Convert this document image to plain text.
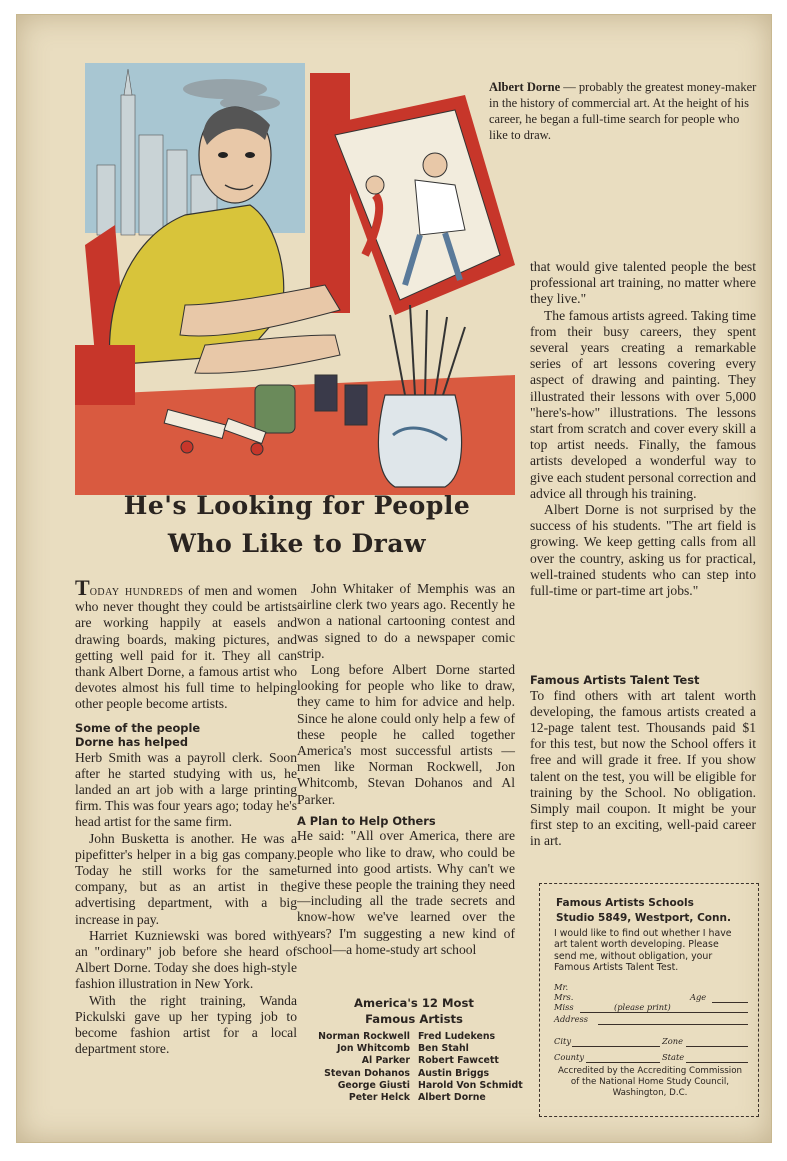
Albert Dorne — probably the greatest money-maker in the history of commercial art. At the height of his career, he began a full-time search for people who like to draw.
He's Looking for People
Who Like to Draw

Today hundreds of men and women who never thought they could be artists are working happily at easels and drawing boards, making pictures, and getting well paid for it. They all can thank Albert Dorne, a famous artist who devotes almost his full time to helping other people become artists.

Some of the people
Dorne has helped

Herb Smith was a payroll clerk. Soon after he started studying with us, he landed an art job with a large printing firm. This was four years ago; today he's head artist for the same firm.

John Busketta is another. He was a pipefitter's helper in a big gas company. Today he still works for the same company, but as an artist in the advertising department, with a big increase in pay.

Harriet Kuzniewski was bored with an "ordinary" job before she heard of Albert Dorne. Today she does high-style fashion illustration in New York.

With the right training, Wanda Pickulski gave up her typing job to become fashion artist for a local department store.

John Whitaker of Memphis was an airline clerk two years ago. Recently he won a national cartooning contest and was signed to do a newspaper comic strip.

Long before Albert Dorne started looking for people who like to draw, they came to him for advice and help. Since he alone could only help a few of these people he called together America's most successful artists —men like Norman Rockwell, Jon Whitcomb, Stevan Dohanos and Al Parker.

A Plan to Help Others

He said: "All over America, there are people who like to draw, who could be turned into good artists. Why can't we give these people the training they need—including all the trade secrets and know-how we've learned over the years? I'm suggesting a new kind of school—a home-study art school

America's 12 Most
Famous Artists
Norman Rockwell Fred Ludekens
Jon Whitcomb Ben Stahl
Al Parker Robert Fawcett
Stevan Dohanos Austin Briggs
George Giusti Harold Von Schmidt
Peter Helck Albert Dorne

that would give talented people the best professional art training, no matter where they live."

The famous artists agreed. Taking time from their busy careers, they spent several years creating a remarkable series of art lessons covering every aspect of drawing and painting. They illustrated their lessons with over 5,000 "here's-how" illustrations. The lessons start from scratch and cover every skill a top artist needs. Finally, the famous artists developed a wonderful way to give each student personal correction and advice all through his training.

Albert Dorne is not surprised by the success of his students. "The art field is growing. We keep getting calls from all over the country, asking us for practical, well-trained students who can step into full-time or part-time art jobs."

Famous Artists Talent Test

To find others with art talent worth developing, the famous artists created a 12-page talent test. Thousands paid $1 for this test, but now the School offers it free and will grade it free. If you show talent on the test, you will be eligible for training by the School. No obligation. Simply mail coupon. It might be your first step to an exciting, well-paid career in art.

Famous Artists Schools
Studio 5849, Westport, Conn.
I would like to find out whether I have art talent worth developing. Please send me, without obligation, your Famous Artists Talent Test.
Mr.
Mrs.	Age
Miss	(please print)
Address
City	Zone
County	State
Accredited by the Accrediting Commission of the National Home Study Council, Washington, D.C.
